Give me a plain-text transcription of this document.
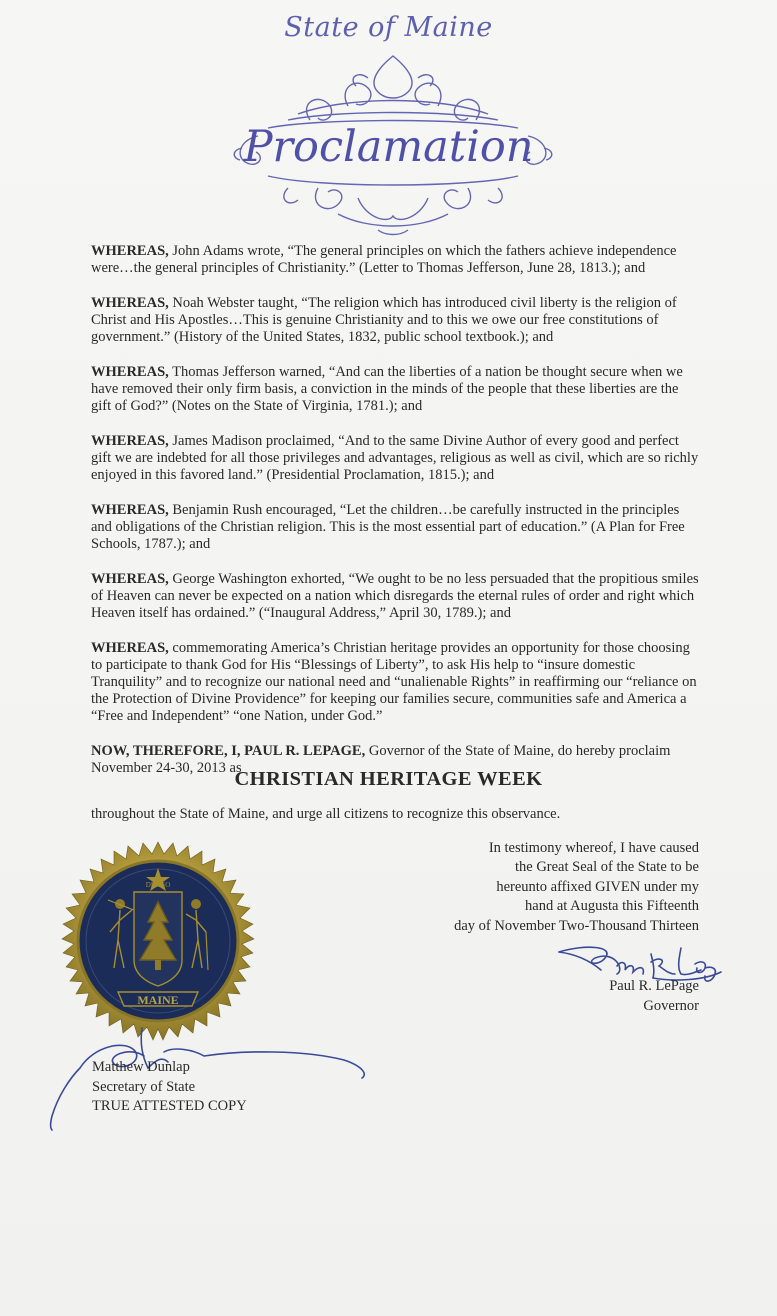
State of Maine
Proclamation

WHEREAS, John Adams wrote, “The general principles on which the fathers achieve independence were…the general principles of Christianity.” (Letter to Thomas Jefferson, June 28, 1813.); and

WHEREAS, Noah Webster taught, “The religion which has introduced civil liberty is the religion of Christ and His Apostles…This is genuine Christianity and to this we owe our free constitutions of government.” (History of the United States, 1832, public school textbook.); and

WHEREAS, Thomas Jefferson warned, “And can the liberties of a nation be thought secure when we have removed their only firm basis, a conviction in the minds of the people that these liberties are the gift of God?” (Notes on the State of Virginia, 1781.); and

WHEREAS, James Madison proclaimed, “And to the same Divine Author of every good and perfect gift we are indebted for all those privileges and advantages, religious as well as civil, which are so richly enjoyed in this favored land.” (Presidential Proclamation, 1815.); and

WHEREAS, Benjamin Rush encouraged, “Let the children…be carefully instructed in the principles and obligations of the Christian religion. This is the most essential part of education.” (A Plan for Free Schools, 1787.); and

WHEREAS, George Washington exhorted, “We ought to be no less persuaded that the propitious smiles of Heaven can never be expected on a nation which disregards the eternal rules of order and right which Heaven itself has ordained.” (“Inaugural Address,” April 30, 1789.); and

WHEREAS, commemorating America’s Christian heritage provides an opportunity for those choosing to participate to thank God for His “Blessings of Liberty”, to ask His help to “insure domestic Tranquility” and to recognize our national need and “unalienable Rights” in reaffirming our “reliance on the Protection of Divine Providence” for keeping our families secure, communities safe and America a “Free and Independent” “one Nation, under God.”

NOW, THEREFORE, I, PAUL R. LEPAGE, Governor of the State of Maine, do hereby proclaim November 24-30, 2013 as

CHRISTIAN HERITAGE WEEK
throughout the State of Maine, and urge all citizens to recognize this observance.
In testimony whereof, I have caused
the Great Seal of the State to be
hereunto affixed GIVEN under my
hand at Augusta this Fifteenth
day of November Two-Thousand Thirteen
Paul R. LePage
Governor
MAINE
DIRIGO
Matthew Dunlap
Secretary of State
TRUE ATTESTED COPY
